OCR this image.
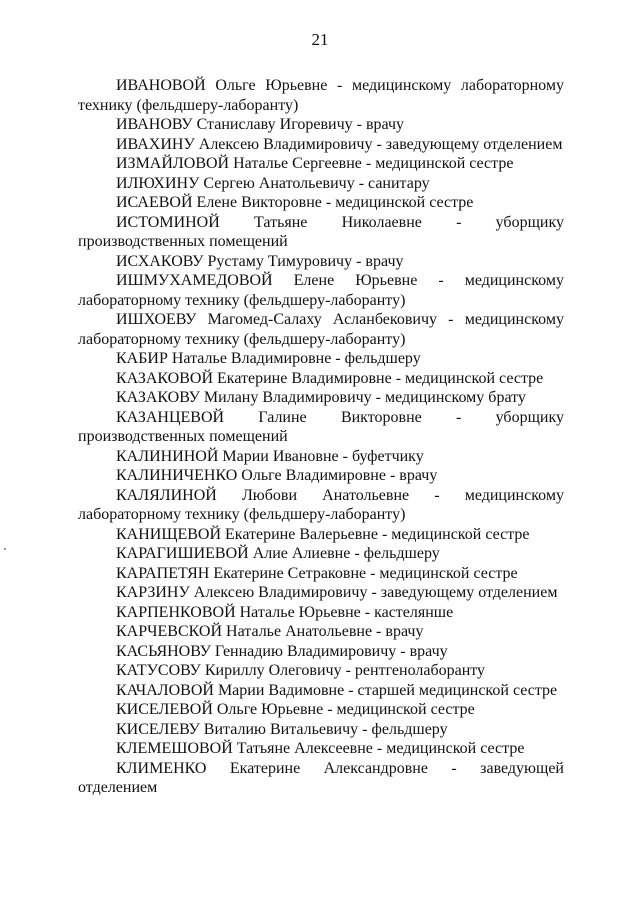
21
ИВАНОВОЙ Ольге Юрьевне - медицинскому лабораторному технику (фельдшеру-лаборанту)
ИВАНОВУ Станиславу Игоревичу - врачу
ИВАХИНУ Алексею Владимировичу - заведующему отделением
ИЗМАЙЛОВОЙ Наталье Сергеевне - медицинской сестре
ИЛЮХИНУ Сергею Анатольевичу - санитару
ИСАЕВОЙ Елене Викторовне - медицинской сестре
ИСТОМИНОЙ Татьяне Николаевне - уборщику производственных помещений
ИСХАКОВУ Рустаму Тимуровичу - врачу
ИШМУХАМЕДОВОЙ Елене Юрьевне - медицинскому лабораторному технику (фельдшеру-лаборанту)
ИШХОЕВУ Магомед-Салаху Асланбековичу - медицинскому лабораторному технику (фельдшеру-лаборанту)
КАБИР Наталье Владимировне - фельдшеру
КАЗАКОВОЙ Екатерине Владимировне - медицинской сестре
КАЗАКОВУ Милану Владимировичу - медицинскому брату
КАЗАНЦЕВОЙ Галине Викторовне - уборщику производственных помещений
КАЛИНИНОЙ Марии Ивановне - буфетчику
КАЛИНИЧЕНКО Ольге Владимировне - врачу
КАЛЯЛИНОЙ Любови Анатольевне - медицинскому лабораторному технику (фельдшеру-лаборанту)
КАНИЩЕВОЙ Екатерине Валерьевне - медицинской сестре
КАРАГИШИЕВОЙ Алие Алиевне - фельдшеру
КАРАПЕТЯН Екатерине Сетраковне - медицинской сестре
КАРЗИНУ Алексею Владимировичу - заведующему отделением
КАРПЕНКОВОЙ Наталье Юрьевне - кастелянше
КАРЧЕВСКОЙ Наталье Анатольевне - врачу
КАСЬЯНОВУ Геннадию Владимировичу - врачу
КАТУСОВУ Кириллу Олеговичу - рентгенолаборанту
КАЧАЛОВОЙ Марии Вадимовне - старшей медицинской сестре
КИСЕЛЕВОЙ Ольге Юрьевне - медицинской сестре
КИСЕЛЕВУ Виталию Витальевичу - фельдшеру
КЛЕМЕШОВОЙ Татьяне Алексеевне - медицинской сестре
КЛИМЕНКО Екатерине Александровне - заведующей отделением
